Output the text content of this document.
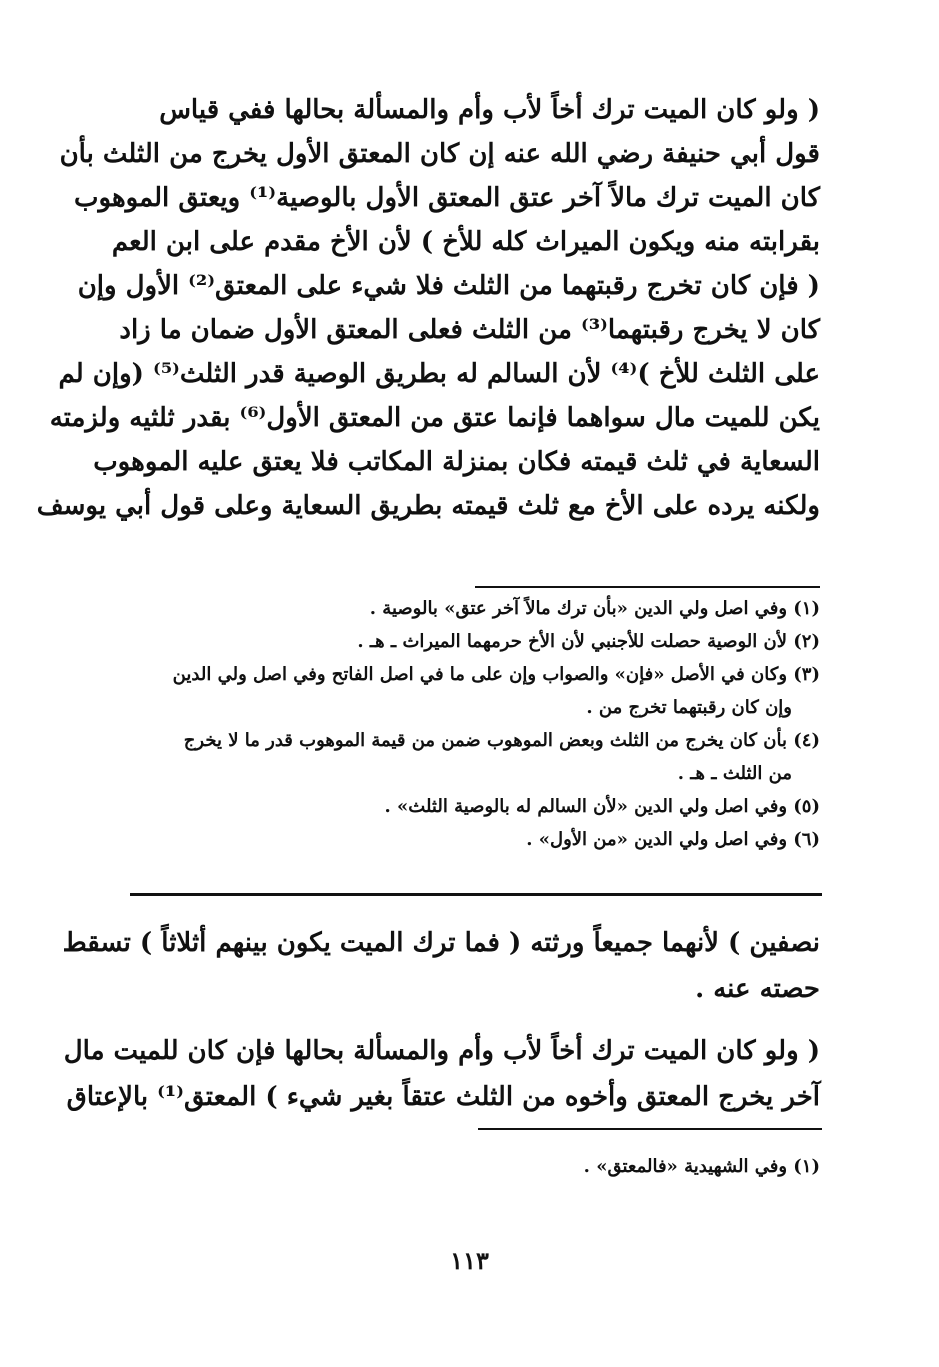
( ولو كان الميت ترك أخاً لأب وأم والمسألة بحالها ففي قياس
قول أبي حنيفة رضي الله عنه إن كان المعتق الأول يخرج من الثلث بأن
كان الميت ترك مالاً آخر عتق المعتق الأول بالوصية⁽¹⁾ ويعتق الموهوب
بقرابته منه ويكون الميراث كله للأخ ) لأن الأخ مقدم على ابن العم
( فإن كان تخرج رقبتهما من الثلث فلا شيء على المعتق⁽²⁾ الأول وإن
كان لا يخرج رقبتهما⁽³⁾ من الثلث فعلى المعتق الأول ضمان ما زاد
على الثلث للأخ )⁽⁴⁾ لأن السالم له بطريق الوصية قدر الثلث⁽⁵⁾ (وإن لم
يكن للميت مال سواهما فإنما عتق من المعتق الأول⁽⁶⁾ بقدر ثلثيه ولزمته
السعاية في ثلث قيمته فكان بمنزلة المكاتب فلا يعتق عليه الموهوب
ولكنه يرده على الأخ مع ثلث قيمته بطريق السعاية وعلى قول أبي يوسف
(١) وفي اصل ولي الدين «بأن ترك مالاً آخر عتق» بالوصية .
(٢) لأن الوصية حصلت للأجنبي لأن الأخ حرمهما الميراث ـ هـ .
(٣) وكان في الأصل «فإن» والصواب وإن على ما في اصل الفاتح وفي اصل ولي الدين
وإن كان رقبتهما تخرج من .
(٤) بأن كان يخرج من الثلث وبعض الموهوب ضمن من قيمة الموهوب قدر ما لا يخرج
من الثلث ـ هـ .
(٥) وفي اصل ولي الدين «لأن السالم له بالوصية الثلث» .
(٦) وفي اصل ولي الدين «من الأول» .
نصفين ) لأنهما جميعاً ورثته ( فما ترك الميت يكون بينهم أثلاثاً ) تسقط
حصته عنه .
( ولو كان الميت ترك أخاً لأب وأم والمسألة بحالها فإن كان للميت مال
آخر يخرج المعتق وأخوه من الثلث عتقاً بغير شيء ) المعتق⁽¹⁾ بالإعتاق
(١) وفي الشهيدية «فالمعتق» .
١١٣
